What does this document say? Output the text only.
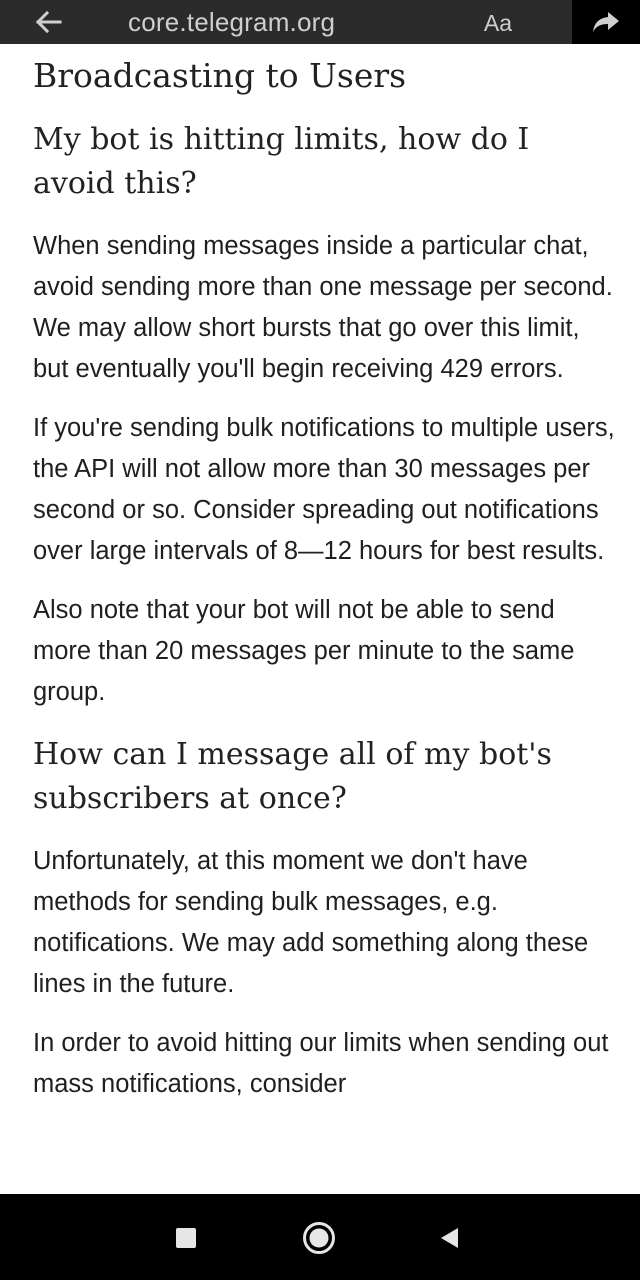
core.telegram.org	Aa
Broadcasting to Users
My bot is hitting limits, how do I avoid this?

When sending messages inside a particular chat, avoid sending more than one message per second. We may allow short bursts that go over this limit, but eventually you'll begin receiving 429 errors.

If you're sending bulk notifications to multiple users, the API will not allow more than 30 messages per second or so. Consider spreading out notifications over large intervals of 8—12 hours for best results.

Also note that your bot will not be able to send more than 20 messages per minute to the same group.

How can I message all of my bot's subscribers at once?

Unfortunately, at this moment we don't have methods for sending bulk messages, e.g. notifications. We may add something along these lines in the future.

In order to avoid hitting our limits when sending out mass notifications, consider
